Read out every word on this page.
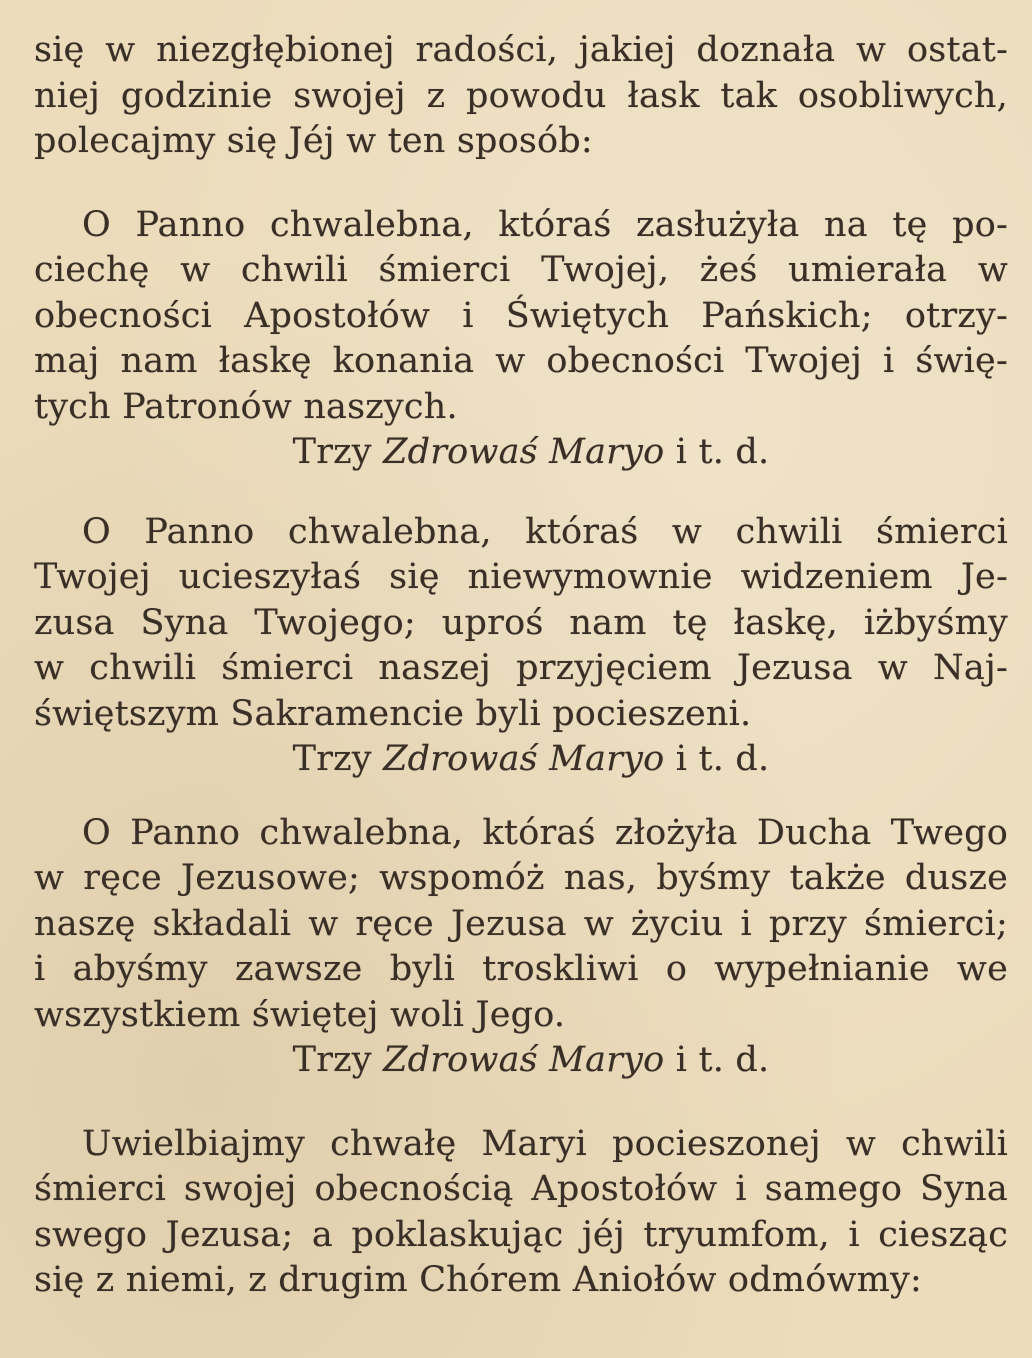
się w niezgłębionej radości, jakiej doznała w ostat-
niej godzinie swojej z powodu łask tak osobliwych,
polecajmy się Jéj w ten sposób:
O Panno chwalebna, któraś zasłużyła na tę po-
ciechę w chwili śmierci Twojej, żeś umierała w
obecności Apostołów i Świętych Pańskich; otrzy-
maj nam łaskę konania w obecności Twojej i świę-
tych Patronów naszych.
Trzy Zdrowaś Maryo i t. d.
O Panno chwalebna, któraś w chwili śmierci
Twojej ucieszyłaś się niewymownie widzeniem Je-
zusa Syna Twojego; uproś nam tę łaskę, iżbyśmy
w chwili śmierci naszej przyjęciem Jezusa w Naj-
świętszym Sakramencie byli pocieszeni.
Trzy Zdrowaś Maryo i t. d.
O Panno chwalebna, któraś złożyła Ducha Twego
w ręce Jezusowe; wspomóż nas, byśmy także dusze
naszę składali w ręce Jezusa w życiu i przy śmierci;
i abyśmy zawsze byli troskliwi o wypełnianie we
wszystkiem świętej woli Jego.
Trzy Zdrowaś Maryo i t. d.
Uwielbiajmy chwałę Maryi pocieszonej w chwili
śmierci swojej obecnością Apostołów i samego Syna
swego Jezusa; a poklaskując jéj tryumfom, i ciesząc
się z niemi, z drugim Chórem Aniołów odmówmy:
